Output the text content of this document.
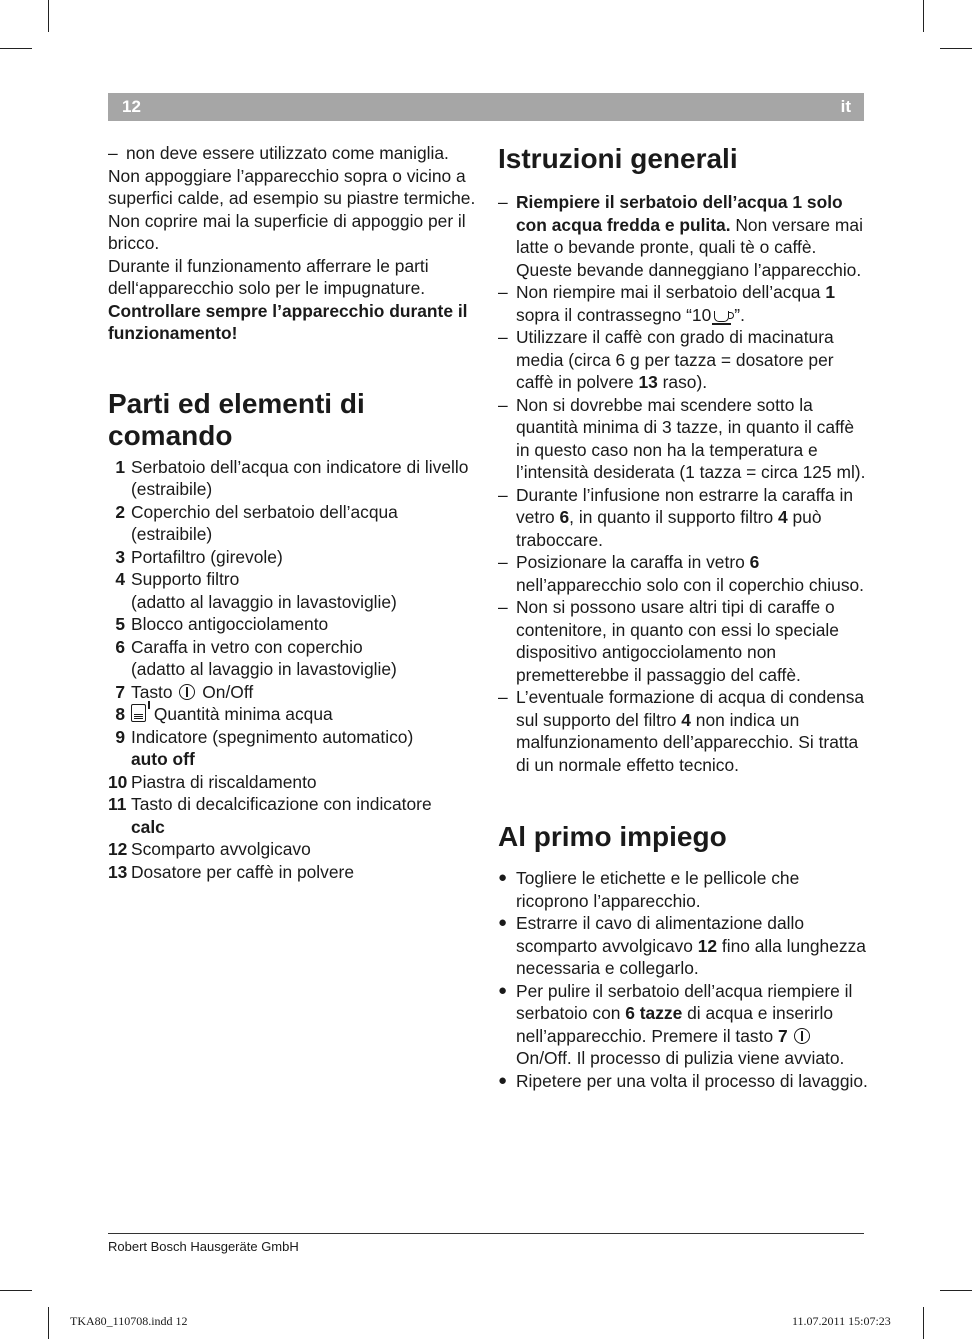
12	it
– non deve essere utilizzato come maniglia.

Non appoggiare l’apparecchio sopra o vicino a superfici calde, ad esempio su piastre termiche.

Non coprire mai la superficie di appoggio per il bricco.

Durante il funzionamento afferrare le parti dell‘apparecchio solo per le impugnature.

Controllare sempre l’apparecchio durante il funzionamento!

Parti ed elementi di comando
1 Serbatoio dell’acqua con indicatore di livello (estraibile)
2 Coperchio del serbatoio dell’acqua (estraibile)
3 Portafiltro (girevole)
4 Supporto filtro
(adatto al lavaggio in lavastoviglie)
5 Blocco antigocciolamento
6 Caraffa in vetro con coperchio
(adatto al lavaggio in lavastoviglie)
7 Tasto On/Off
8 Quantità minima acqua
9 Indicatore (spegnimento automatico)
auto off
10 Piastra di riscaldamento
11 Tasto di decalcificazione con indicatore
calc
12 Scomparto avvolgicavo
13 Dosatore per caffè in polvere
Istruzioni generali
– Riempiere il serbatoio dell’acqua 1 solo con acqua fredda e pulita. Non versare mai latte o bevande pronte, quali tè o caffè. Queste bevande danneggiano l’apparecchio.
– Non riempire mai il serbatoio dell’acqua 1 sopra il contrassegno “10 ”.
– Utilizzare il caffè con grado di macinatura media (circa 6 g per tazza = dosatore per caffè in polvere 13 raso).
– Non si dovrebbe mai scendere sotto la quantità minima di 3 tazze, in quanto il caffè in questo caso non ha la temperatura e l’intensità desiderata (1 tazza = circa 125 ml).
– Durante l’infusione non estrarre la caraffa in vetro 6, in quanto il supporto filtro 4 può traboccare.
– Posizionare la caraffa in vetro 6 nell’apparecchio solo con il coperchio chiuso.
– Non si possono usare altri tipi di caraffe o contenitore, in quanto con essi lo speciale dispositivo antigocciolamento non premetterebbe il passaggio del caffè.
– L’eventuale formazione di acqua di condensa sul supporto del filtro 4 non indica un malfunzionamento dell’apparecchio. Si tratta di un normale effetto tecnico.
Al primo impiego
● Togliere le etichette e le pellicole che ricoprono l’apparecchio.
● Estrarre il cavo di alimentazione dallo scomparto avvolgicavo 12 fino alla lunghezza necessaria e collegarlo.
● Per pulire il serbatoio dell’acqua riempiere il serbatoio con 6 tazze di acqua e inserirlo nell’apparecchio. Premere il tasto 7  On/Off. Il processo di pulizia viene avviato.
● Ripetere per una volta il processo di lavaggio.
Robert Bosch Hausgeräte GmbH
TKA80_110708.indd 12	11.07.2011 15:07:23
